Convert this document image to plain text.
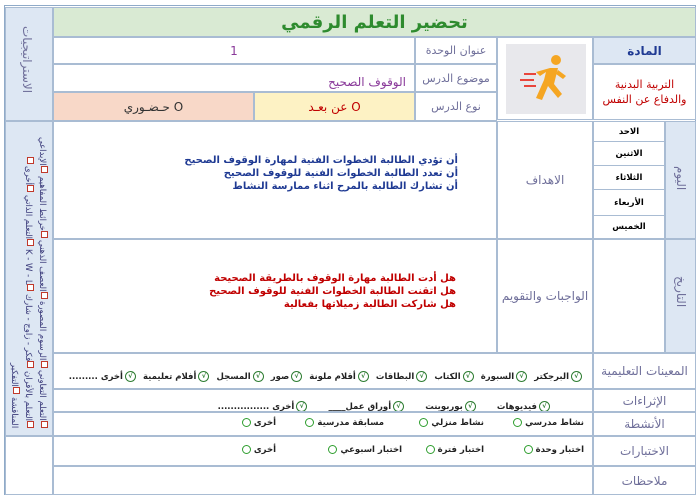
تحضير التعلم الرقمي
الاستراتيجيات
التعلم التعاوني الرسوم المصورة العصف الذهني خرائط المفاهيم الإبداعي التعلم بالأقران فكر - زاوج - شارك K - W - L التعلم الذاتي أخرى المناقشة التفكير
المادة
التربية البدنية والدفاع عن النفس
عنوان الوحدة
1
موضوع الدرس
الوقوف الصحيح
نوع الدرس
عن بعـد O
حـضـوري O
اليوم
الاحد
الاثنين
الثلاثاء
الأربعاء
الخميس
الاهداف
أن تؤدي الطالبة الخطوات الفنية لمهارة الوقوف الصحيح
أن تعدد الطالبة الخطوات الفنية للوقوف الصحيح
أن تشارك الطالبة بالمرح اثناء ممارسة النشاط
التاريخ
الواجبات والتقويم
هل أدت الطالبة مهارة الوقوف بالطريقة الصحيحة
هل اتقنت الطالبة الخطوات الفنية للوقوف الصحيح
هل شاركت الطالبة زميلاتها بفعالية
المعينات التعليمية
√البرجكتر √السبورة √الكتاب √البطاقات √أقلام ملونة √صور √المسجل √أفلام تعليمية √أخرى .........
الإثراءات
√فيديوهات √بوربوينت √أوراق عمل____ √أخرى ................
الأنشطة
نشاط مدرسي
نشاط منزلي
مسابقة مدرسية
أخرى
الاختبارات
اختبار وحدة
اختبار فترة
اختبار اسبوعي
أخرى
ملاحظات
